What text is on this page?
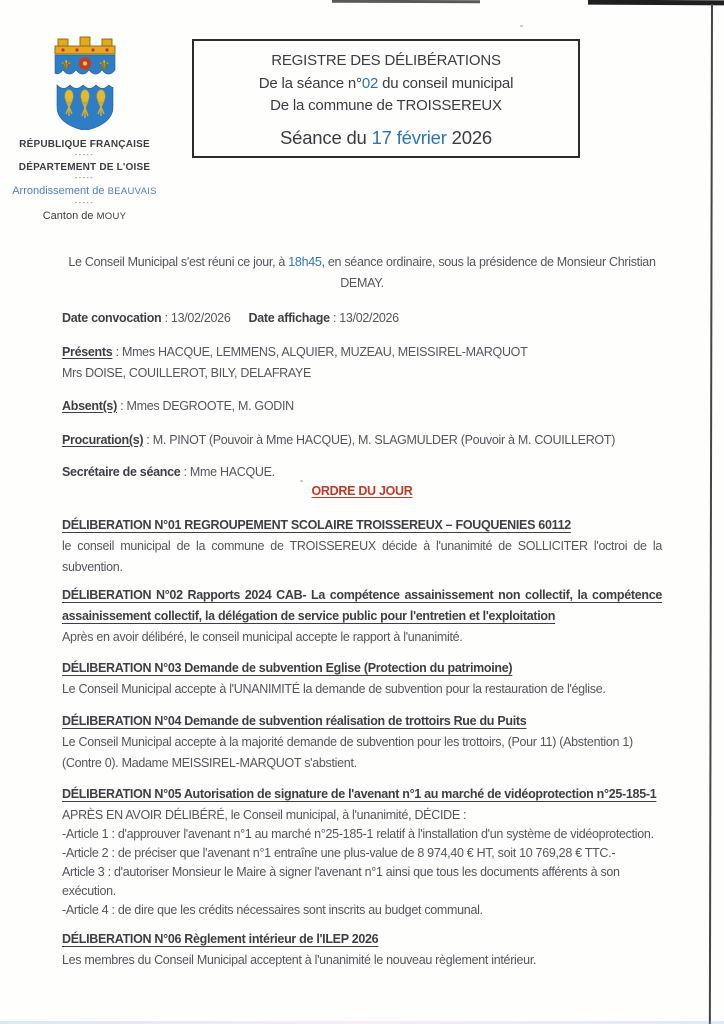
⚜ ⚜
RÉPUBLIQUE FRANÇAISE
-----
DÉPARTEMENT DE L'OISE
-----
Arrondissement de BEAUVAIS
-----
Canton de MOUY
REGISTRE DES DÉLIBÉRATIONS
De la séance n°02 du conseil municipal
De la commune de TROISSEREUX
Séance du 17 février 2026

Le Conseil Municipal s'est réuni ce jour, à 18h45, en séance ordinaire, sous la présidence de Monsieur Christian DEMAY.

Date convocation : 13/02/2026 Date affichage : 13/02/2026

Présents : Mmes HACQUE, LEMMENS, ALQUIER, MUZEAU, MEISSIREL-MARQUOT
Mrs DOISE, COUILLEROT, BILY, DELAFRAYE

Absent(s) : Mmes DEGROOTE, M. GODIN

Procuration(s) : M. PINOT (Pouvoir à Mme HACQUE), M. SLAGMULDER (Pouvoir à M. COUILLEROT)

Secrétaire de séance : Mme HACQUE.

ORDRE DU JOUR

DÉLIBERATION N°01 REGROUPEMENT SCOLAIRE TROISSEREUX – FOUQUENIES 60112
le conseil municipal de la commune de TROISSEREUX décide à l'unanimité de SOLLICITER l'octroi de la subvention.
DÉLIBERATION N°02 Rapports 2024 CAB- La compétence assainissement non collectif, la compétence assainissement collectif, la délégation de service public pour l'entretien et l'exploitation
Après en avoir délibéré, le conseil municipal accepte le rapport à l'unanimité.
DÉLIBERATION N°03 Demande de subvention Eglise (Protection du patrimoine)
Le Conseil Municipal accepte à l'UNANIMITÉ la demande de subvention pour la restauration de l'église.
DÉLIBERATION N°04 Demande de subvention réalisation de trottoirs Rue du Puits
Le Conseil Municipal accepte à la majorité demande de subvention pour les trottoirs, (Pour 11) (Abstention 1) (Contre 0). Madame MEISSIREL-MARQUOT s'abstient.
DÉLIBERATION N°05 Autorisation de signature de l'avenant n°1 au marché de vidéoprotection n°25-185-1
APRÈS EN AVOIR DÉLIBÉRÉ, le Conseil municipal, à l'unanimité, DÉCIDE :
-Article 1 : d'approuver l'avenant n°1 au marché n°25-185-1 relatif à l'installation d'un système de vidéoprotection.
-Article 2 : de préciser que l'avenant n°1 entraîne une plus-value de 8 974,40 € HT, soit 10 769,28 € TTC.-
Article 3 : d'autoriser Monsieur le Maire à signer l'avenant n°1 ainsi que tous les documents afférents à son exécution.
-Article 4 : de dire que les crédits nécessaires sont inscrits au budget communal.
DÉLIBERATION N°06 Règlement intérieur de l'ILEP 2026
Les membres du Conseil Municipal acceptent à l'unanimité le nouveau règlement intérieur.
